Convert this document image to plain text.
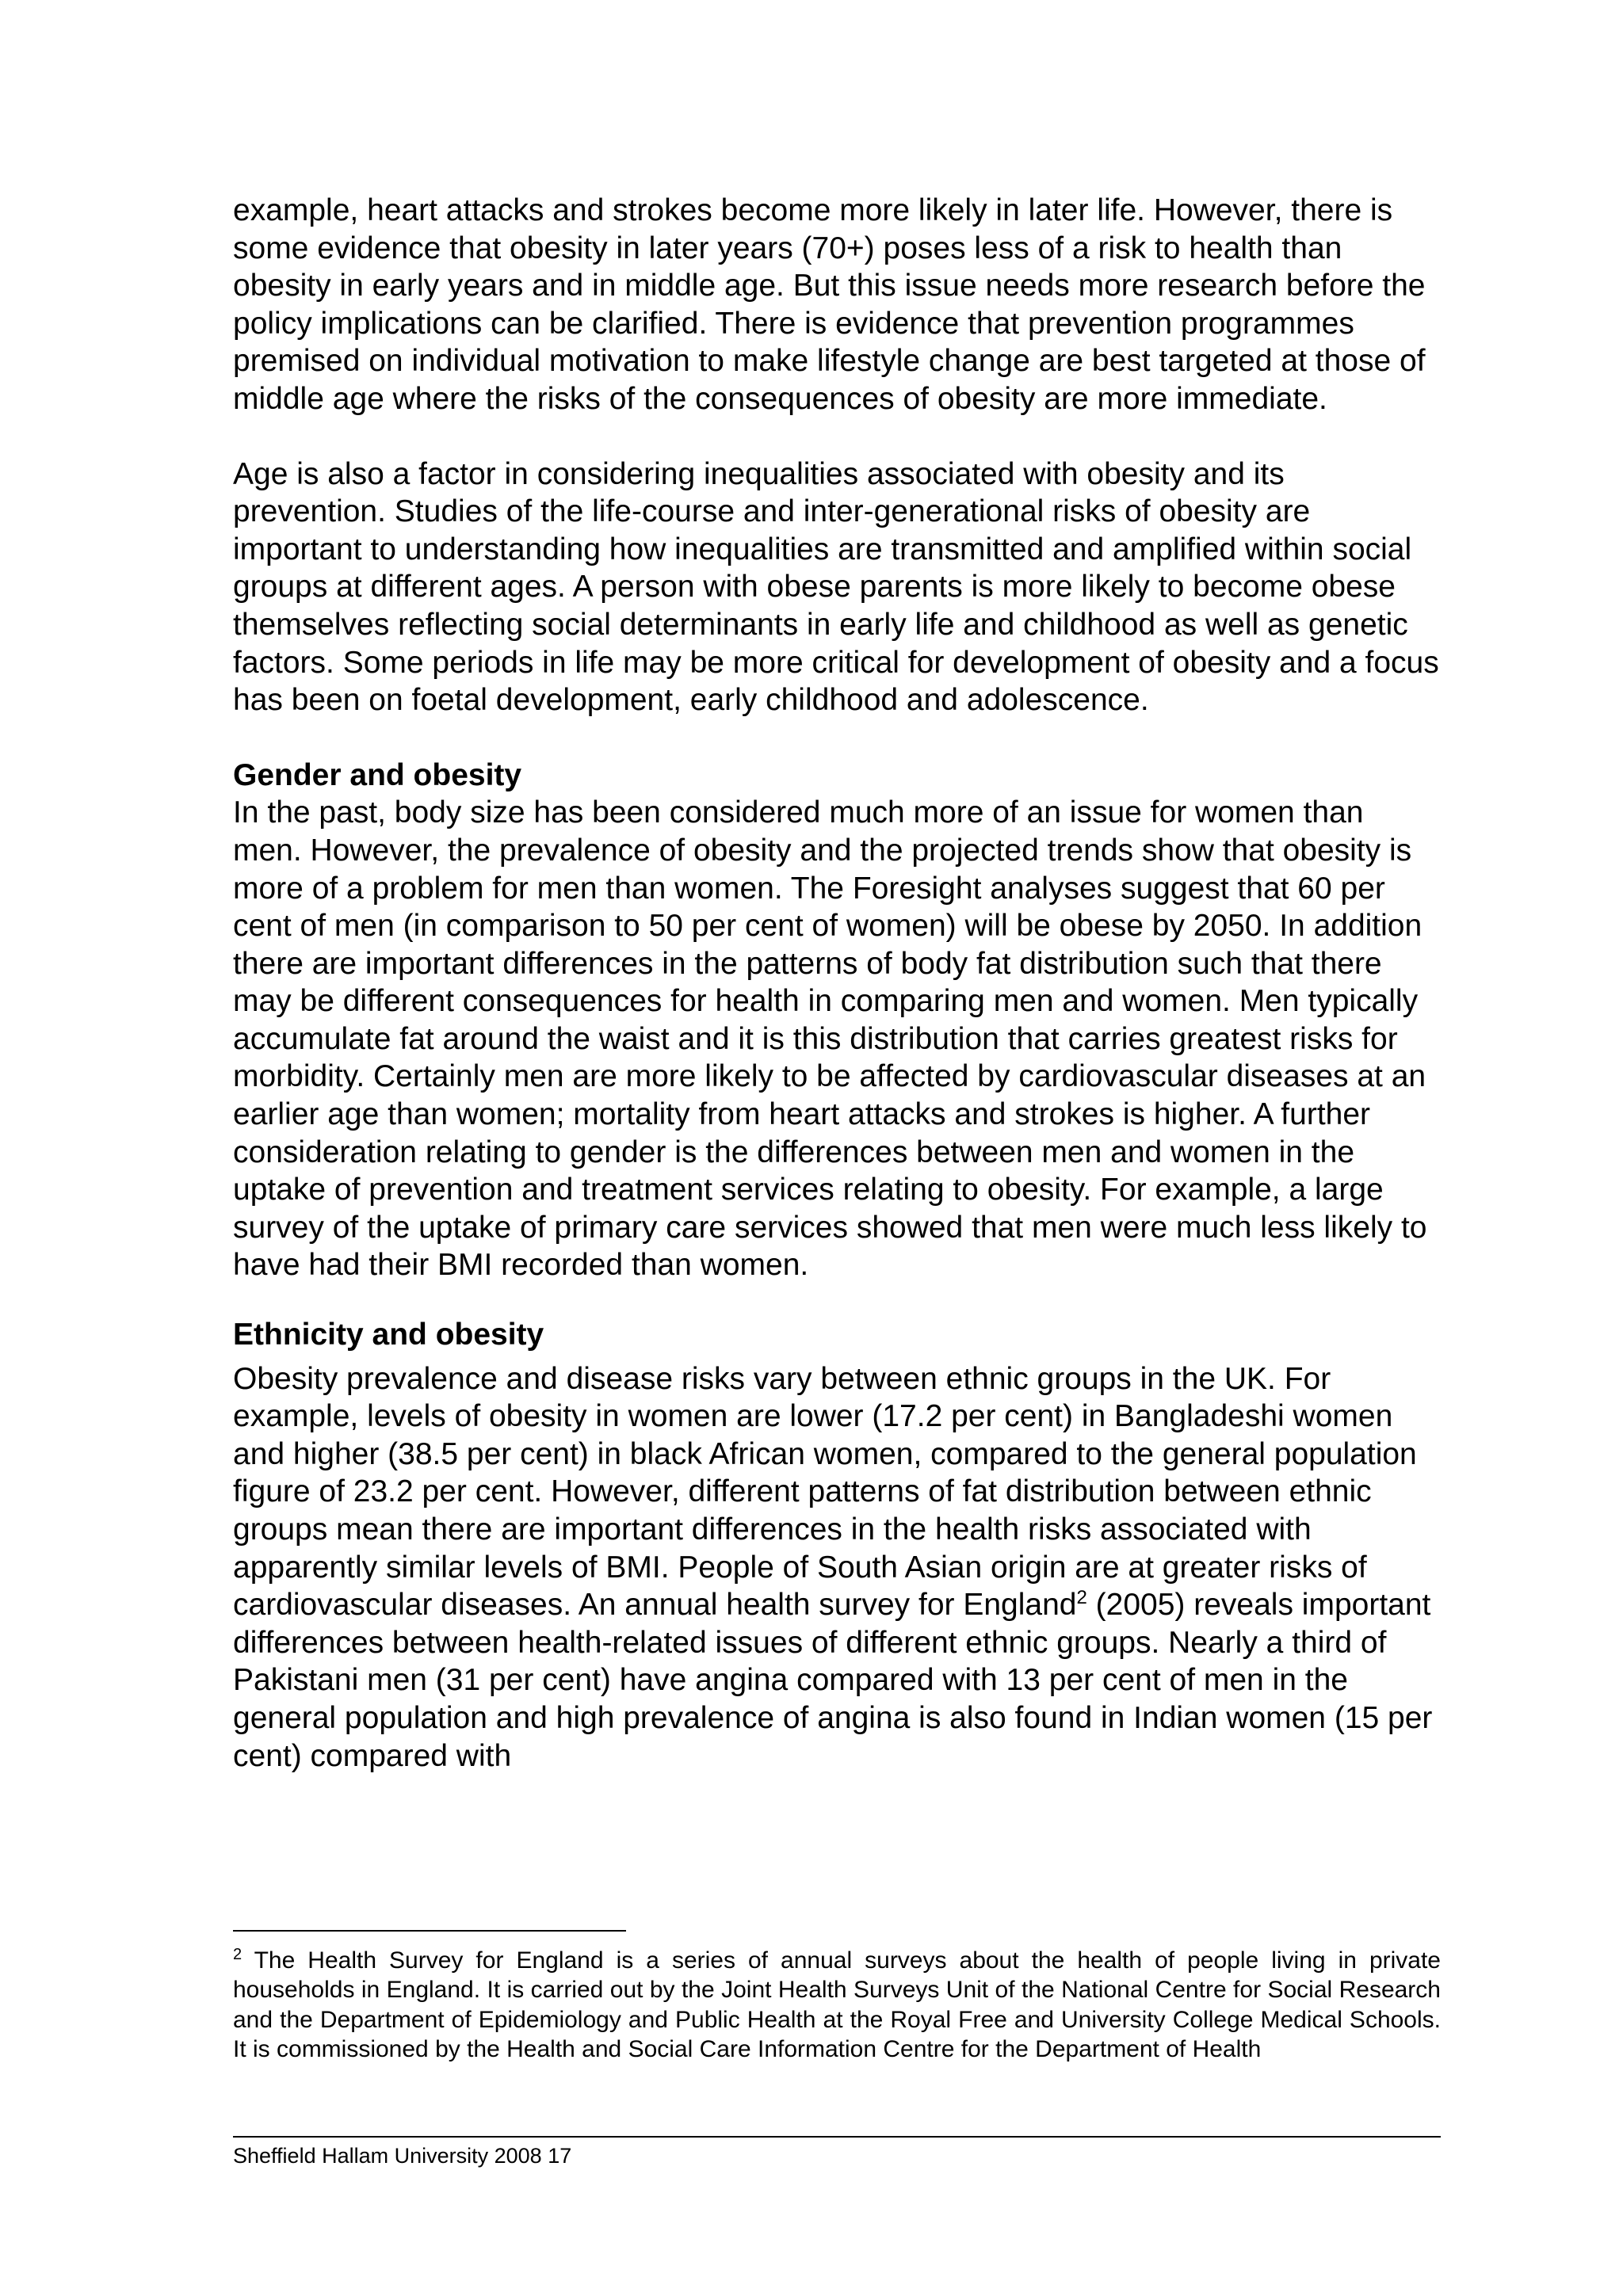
example, heart attacks and strokes become more likely in later life. However, there is some evidence that obesity in later years (70+) poses less of a risk to health than obesity in early years and in middle age. But this issue needs more research before the policy implications can be clarified. There is evidence that prevention programmes premised on individual motivation to make lifestyle change are best targeted at those of middle age where the risks of the consequences of obesity are more immediate.

Age is also a factor in considering inequalities associated with obesity and its prevention. Studies of the life-course and inter-generational risks of obesity are important to understanding how inequalities are transmitted and amplified within social groups at different ages. A person with obese parents is more likely to become obese themselves reflecting social determinants in early life and childhood as well as genetic factors. Some periods in life may be more critical for development of obesity and a focus has been on foetal development, early childhood and adolescence.

Gender and obesity

In the past, body size has been considered much more of an issue for women than men. However, the prevalence of obesity and the projected trends show that obesity is more of a problem for men than women. The Foresight analyses suggest that 60 per cent of men (in comparison to 50 per cent of women) will be obese by 2050. In addition there are important differences in the patterns of body fat distribution such that there may be different consequences for health in comparing men and women. Men typically accumulate fat around the waist and it is this distribution that carries greatest risks for morbidity. Certainly men are more likely to be affected by cardiovascular diseases at an earlier age than women; mortality from heart attacks and strokes is higher. A further consideration relating to gender is the differences between men and women in the uptake of prevention and treatment services relating to obesity. For example, a large survey of the uptake of primary care services showed that men were much less likely to have had their BMI recorded than women.

Ethnicity and obesity

Obesity prevalence and disease risks vary between ethnic groups in the UK. For example, levels of obesity in women are lower (17.2 per cent) in Bangladeshi women and higher (38.5 per cent) in black African women, compared to the general population figure of 23.2 per cent. However, different patterns of fat distribution between ethnic groups mean there are important differences in the health risks associated with apparently similar levels of BMI. People of South Asian origin are at greater risks of cardiovascular diseases. An annual health survey for England$^2$ (2005) reveals important differences between health-related issues of different ethnic groups. Nearly a third of Pakistani men (31 per cent) have angina compared with 13 per cent of men in the general population and high prevalence of angina is also found in Indian women (15 per cent) compared with

$^2$ The Health Survey for England is a series of annual surveys about the health of people living in private households in England. It is carried out by the Joint Health Surveys Unit of the National Centre for Social Research and the Department of Epidemiology and Public Health at the Royal Free and University College Medical Schools. It is commissioned by the Health and Social Care Information Centre for the Department of Health
Sheffield Hallam University 2008 17
